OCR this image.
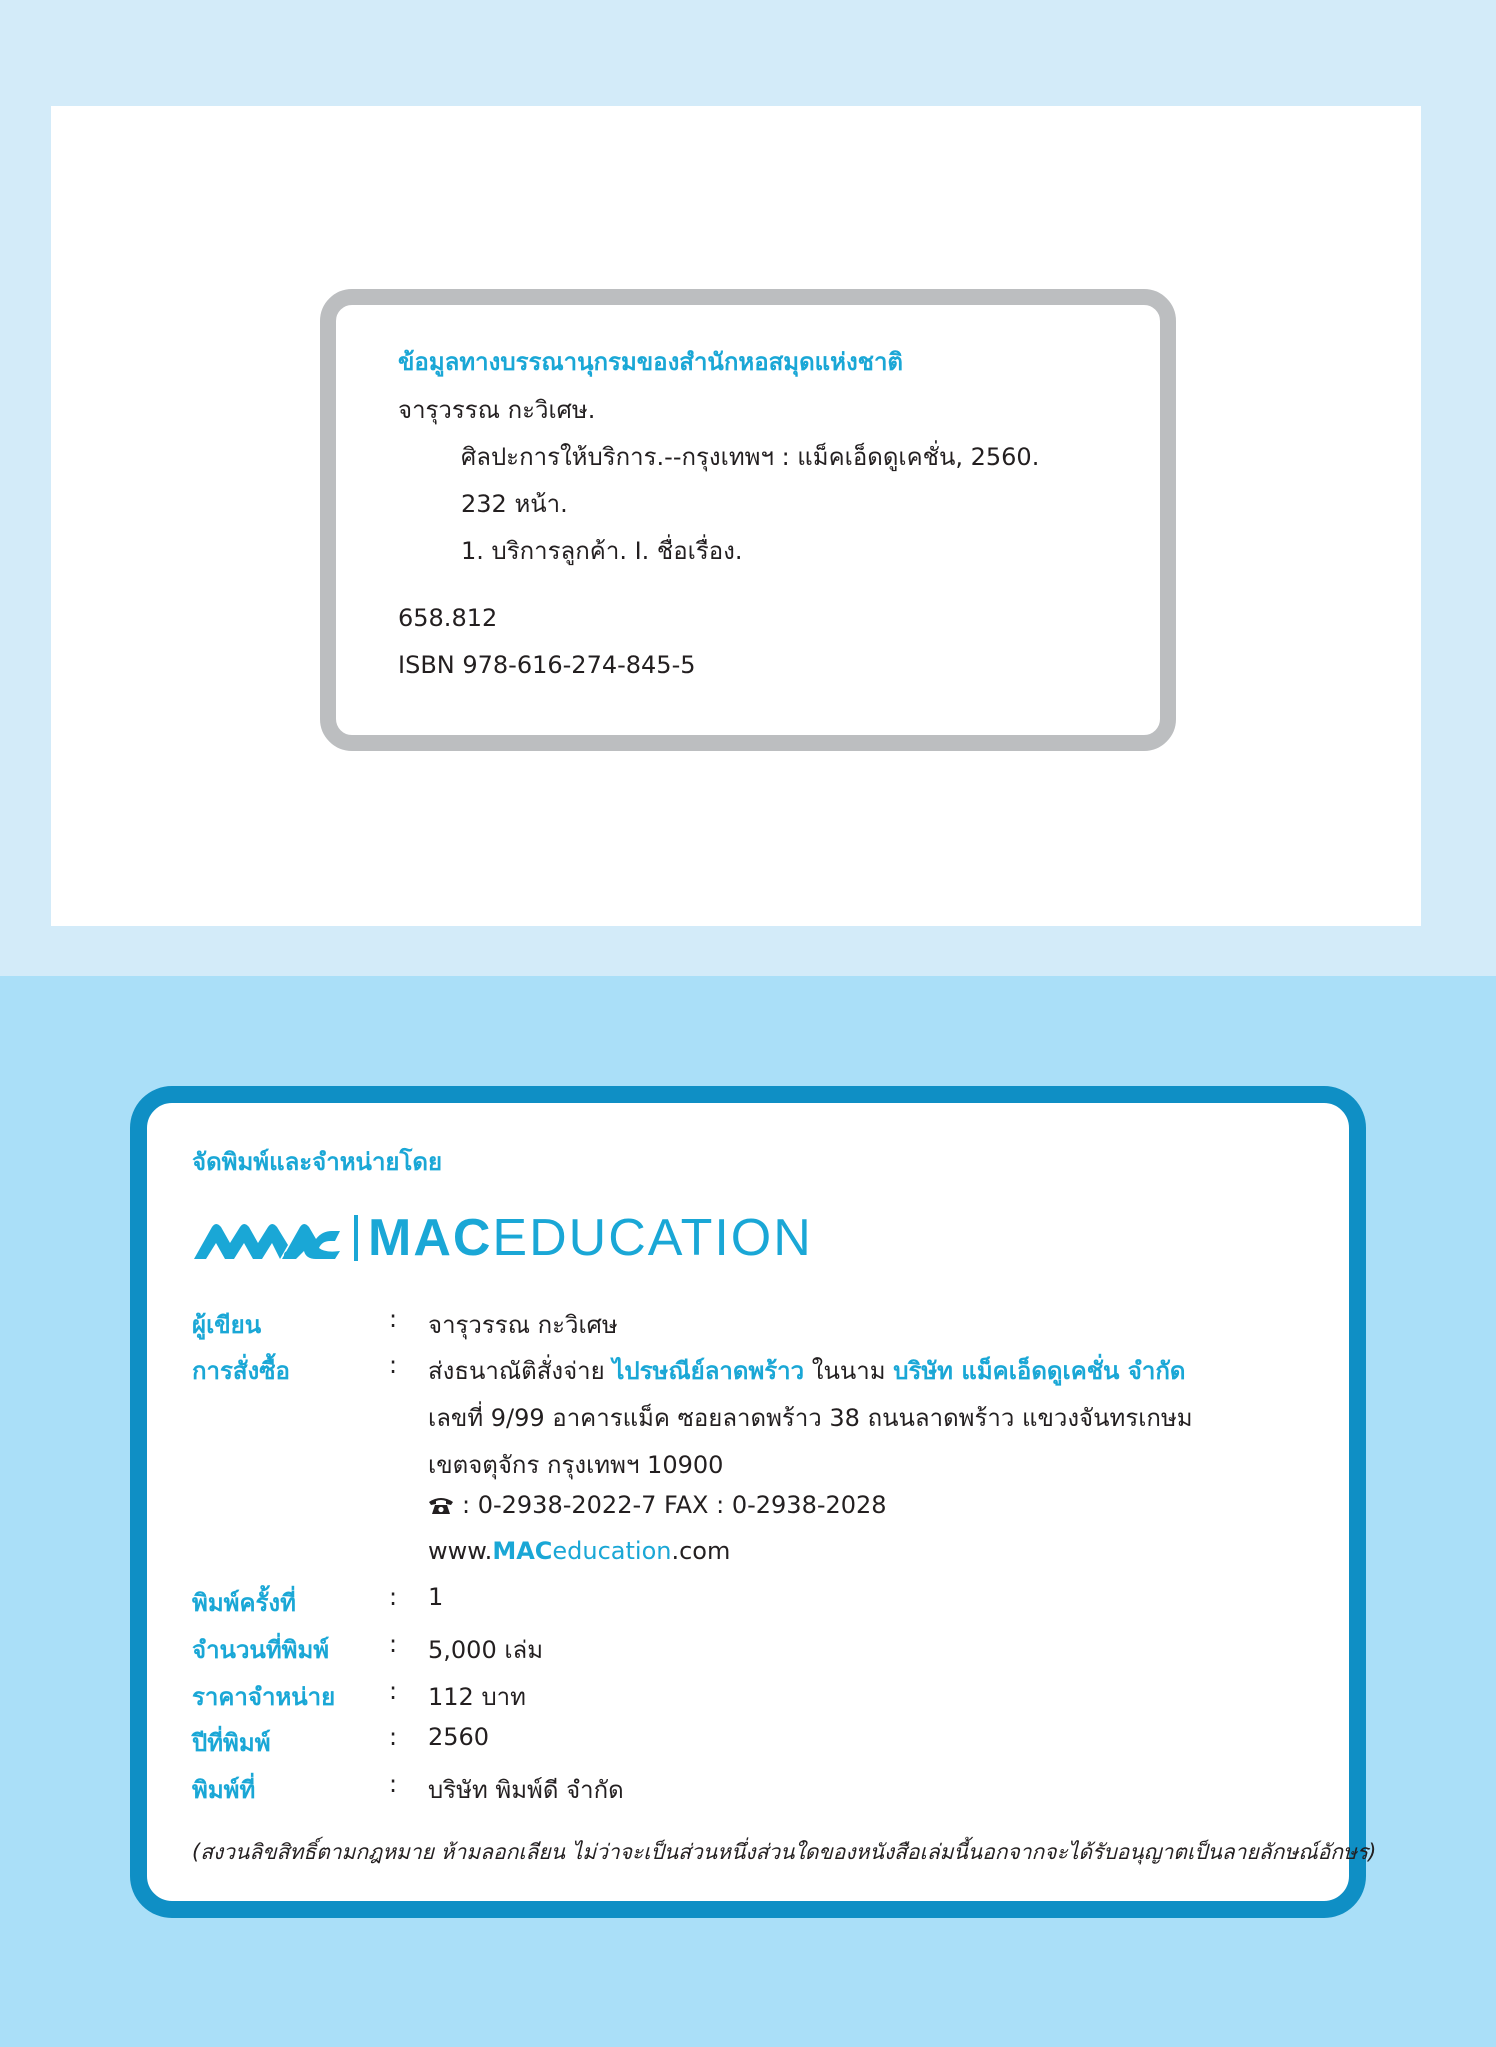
ข้อมูลทางบรรณานุกรมของสำนักหอสมุดแห่งชาติ
จารุวรรณ กะวิเศษ.
ศิลปะการให้บริการ.--กรุงเทพฯ : แม็คเอ็ดดูเคชั่น, 2560.
232 หน้า.
1. บริการลูกค้า. I. ชื่อเรื่อง.
658.812
ISBN 978-616-274-845-5
จัดพิมพ์และจำหน่ายโดย
MACEDUCATION
ผู้เขียน	: จารุวรรณ กะวิเศษ
การสั่งซื้อ	: ส่งธนาณัติสั่งจ่าย ไปรษณีย์ลาดพร้าว ในนาม บริษัท แม็คเอ็ดดูเคชั่น จำกัด
เลขที่ 9/99 อาคารแม็ค ซอยลาดพร้าว 38 ถนนลาดพร้าว แขวงจันทรเกษม
เขตจตุจักร กรุงเทพฯ 10900
: 0-2938-2022-7 FAX : 0-2938-2028
www.MACeducation.com
พิมพ์ครั้งที่	: 1
จำนวนที่พิมพ์ : 5,000 เล่ม
ราคาจำหน่าย : 112 บาท
ปีที่พิมพ์	: 2560
พิมพ์ที่	: บริษัท พิมพ์ดี จำกัด
(สงวนลิขสิทธิ์ตามกฎหมาย ห้ามลอกเลียน ไม่ว่าจะเป็นส่วนหนึ่งส่วนใดของหนังสือเล่มนี้นอกจากจะได้รับอนุญาตเป็นลายลักษณ์อักษร)
